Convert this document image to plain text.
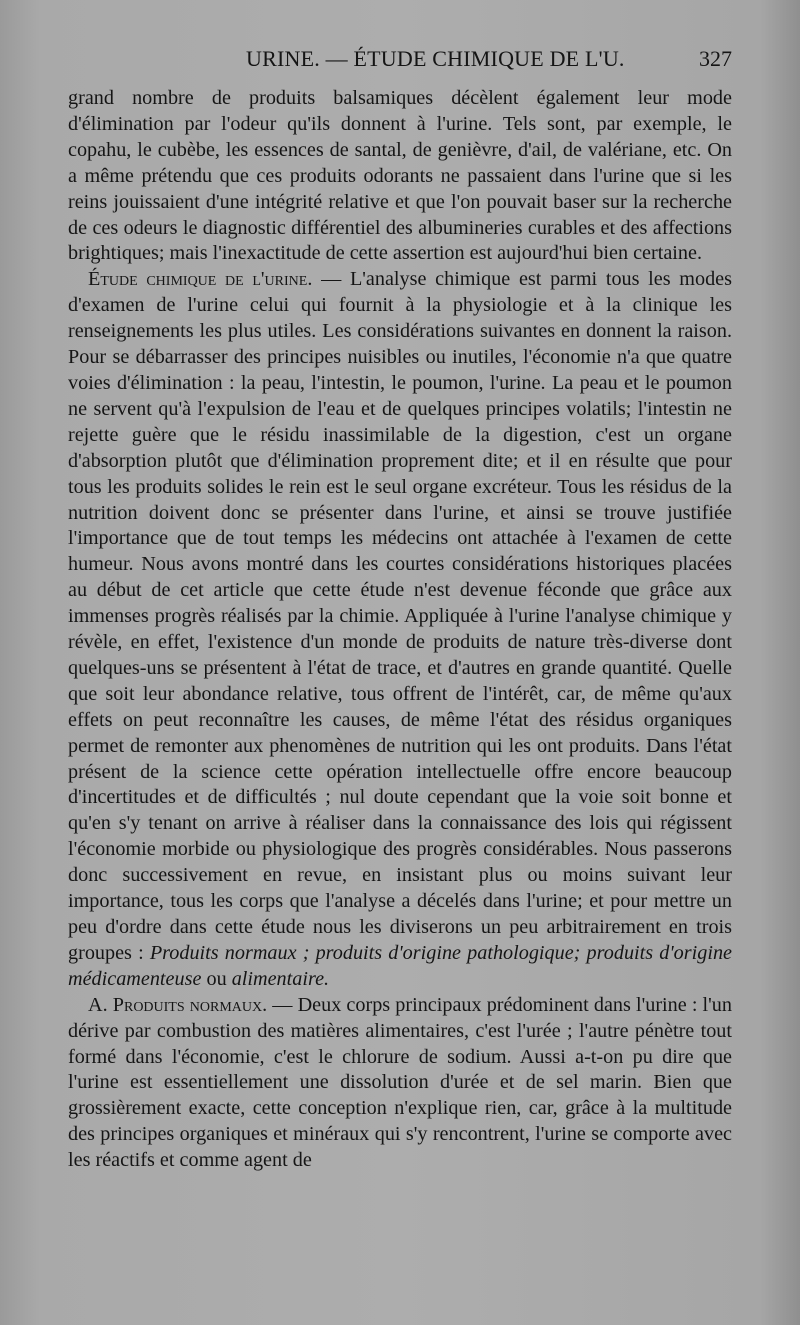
URINE. — ÉTUDE CHIMIQUE DE L'U.	327

grand nombre de produits balsamiques décèlent également leur mode d'élimination par l'odeur qu'ils donnent à l'urine. Tels sont, par exemple, le copahu, le cubèbe, les essences de santal, de genièvre, d'ail, de valériane, etc. On a même prétendu que ces produits odorants ne passaient dans l'urine que si les reins jouissaient d'une intégrité relative et que l'on pouvait baser sur la recherche de ces odeurs le diagnostic différentiel des albumineries curables et des affections brightiques; mais l'inexactitude de cette assertion est aujourd'hui bien certaine.

Étude chimique de l'urine. — L'analyse chimique est parmi tous les modes d'examen de l'urine celui qui fournit à la physiologie et à la clinique les renseignements les plus utiles. Les considérations suivantes en donnent la raison. Pour se débarrasser des principes nuisibles ou inutiles, l'économie n'a que quatre voies d'élimination : la peau, l'intestin, le poumon, l'urine. La peau et le poumon ne servent qu'à l'expulsion de l'eau et de quelques principes volatils; l'intestin ne rejette guère que le résidu inassimilable de la digestion, c'est un organe d'absorption plutôt que d'élimination proprement dite; et il en résulte que pour tous les produits solides le rein est le seul organe excréteur. Tous les résidus de la nutrition doivent donc se présenter dans l'urine, et ainsi se trouve justifiée l'importance que de tout temps les médecins ont attachée à l'examen de cette humeur. Nous avons montré dans les courtes considérations historiques placées au début de cet article que cette étude n'est devenue féconde que grâce aux immenses progrès réalisés par la chimie. Appliquée à l'urine l'analyse chimique y révèle, en effet, l'existence d'un monde de produits de nature très-diverse dont quelques-uns se présentent à l'état de trace, et d'autres en grande quantité. Quelle que soit leur abondance relative, tous offrent de l'intérêt, car, de même qu'aux effets on peut reconnaître les causes, de même l'état des résidus organiques permet de remonter aux phenomènes de nutrition qui les ont produits. Dans l'état présent de la science cette opération intellectuelle offre encore beaucoup d'incertitudes et de difficultés ; nul doute cependant que la voie soit bonne et qu'en s'y tenant on arrive à réaliser dans la connaissance des lois qui régissent l'économie morbide ou physiologique des progrès considérables. Nous passerons donc successivement en revue, en insistant plus ou moins suivant leur importance, tous les corps que l'analyse a décelés dans l'urine; et pour mettre un peu d'ordre dans cette étude nous les diviserons un peu arbitrairement en trois groupes : Produits normaux ; produits d'origine pathologique; produits d'origine médicamenteuse ou alimentaire.

A. Produits normaux. — Deux corps principaux prédominent dans l'urine : l'un dérive par combustion des matières alimentaires, c'est l'urée ; l'autre pénètre tout formé dans l'économie, c'est le chlorure de sodium. Aussi a-t-on pu dire que l'urine est essentiellement une dissolution d'urée et de sel marin. Bien que grossièrement exacte, cette conception n'explique rien, car, grâce à la multitude des principes organiques et minéraux qui s'y rencontrent, l'urine se comporte avec les réactifs et comme agent de
